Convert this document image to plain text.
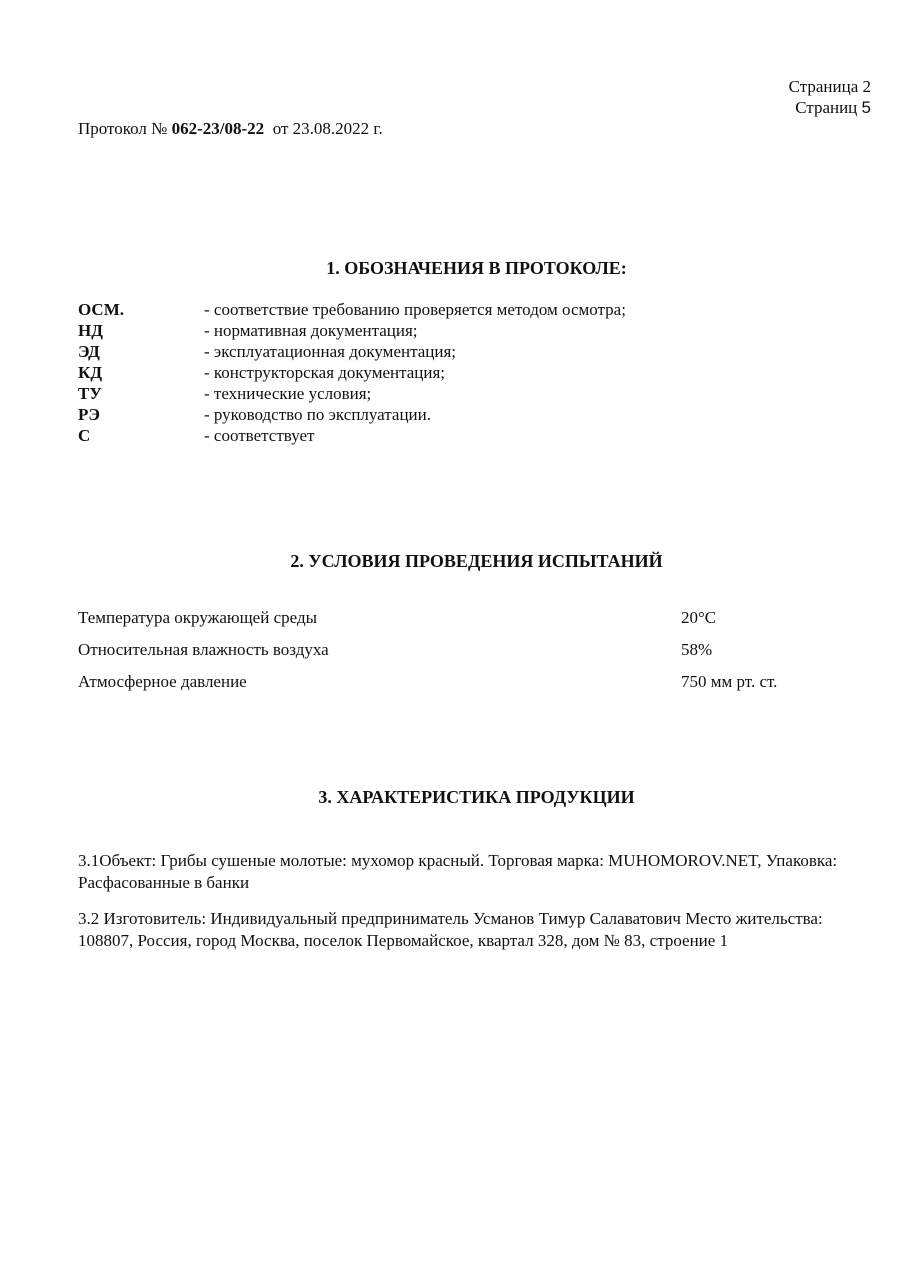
Страница 2
Страниц 5
Протокол № 062-23/08-22 от 23.08.2022 г.
1. ОБОЗНАЧЕНИЯ В ПРОТОКОЛЕ:
ОСМ.	- соответствие требованию проверяется методом осмотра;
НД	- нормативная документация;
ЭД	- эксплуатационная документация;
КД	- конструкторская документация;
ТУ	- технические условия;
РЭ	- руководство по эксплуатации.
С	- соответствует
2. УСЛОВИЯ ПРОВЕДЕНИЯ ИСПЫТАНИЙ
Температура окружающей среды	20°C
Относительная влажность воздуха	58%
Атмосферное давление	750 мм рт. ст.
3. ХАРАКТЕРИСТИКА ПРОДУКЦИИ
3.1Объект: Грибы сушеные молотые: мухомор красный. Торговая марка: MUHOMOROV.NET, Упаковка: Расфасованные в банки
3.2 Изготовитель: Индивидуальный предприниматель Усманов Тимур Салаватович Место жительства: 108807, Россия, город Москва, поселок Первомайское, квартал 328, дом № 83, строение 1
